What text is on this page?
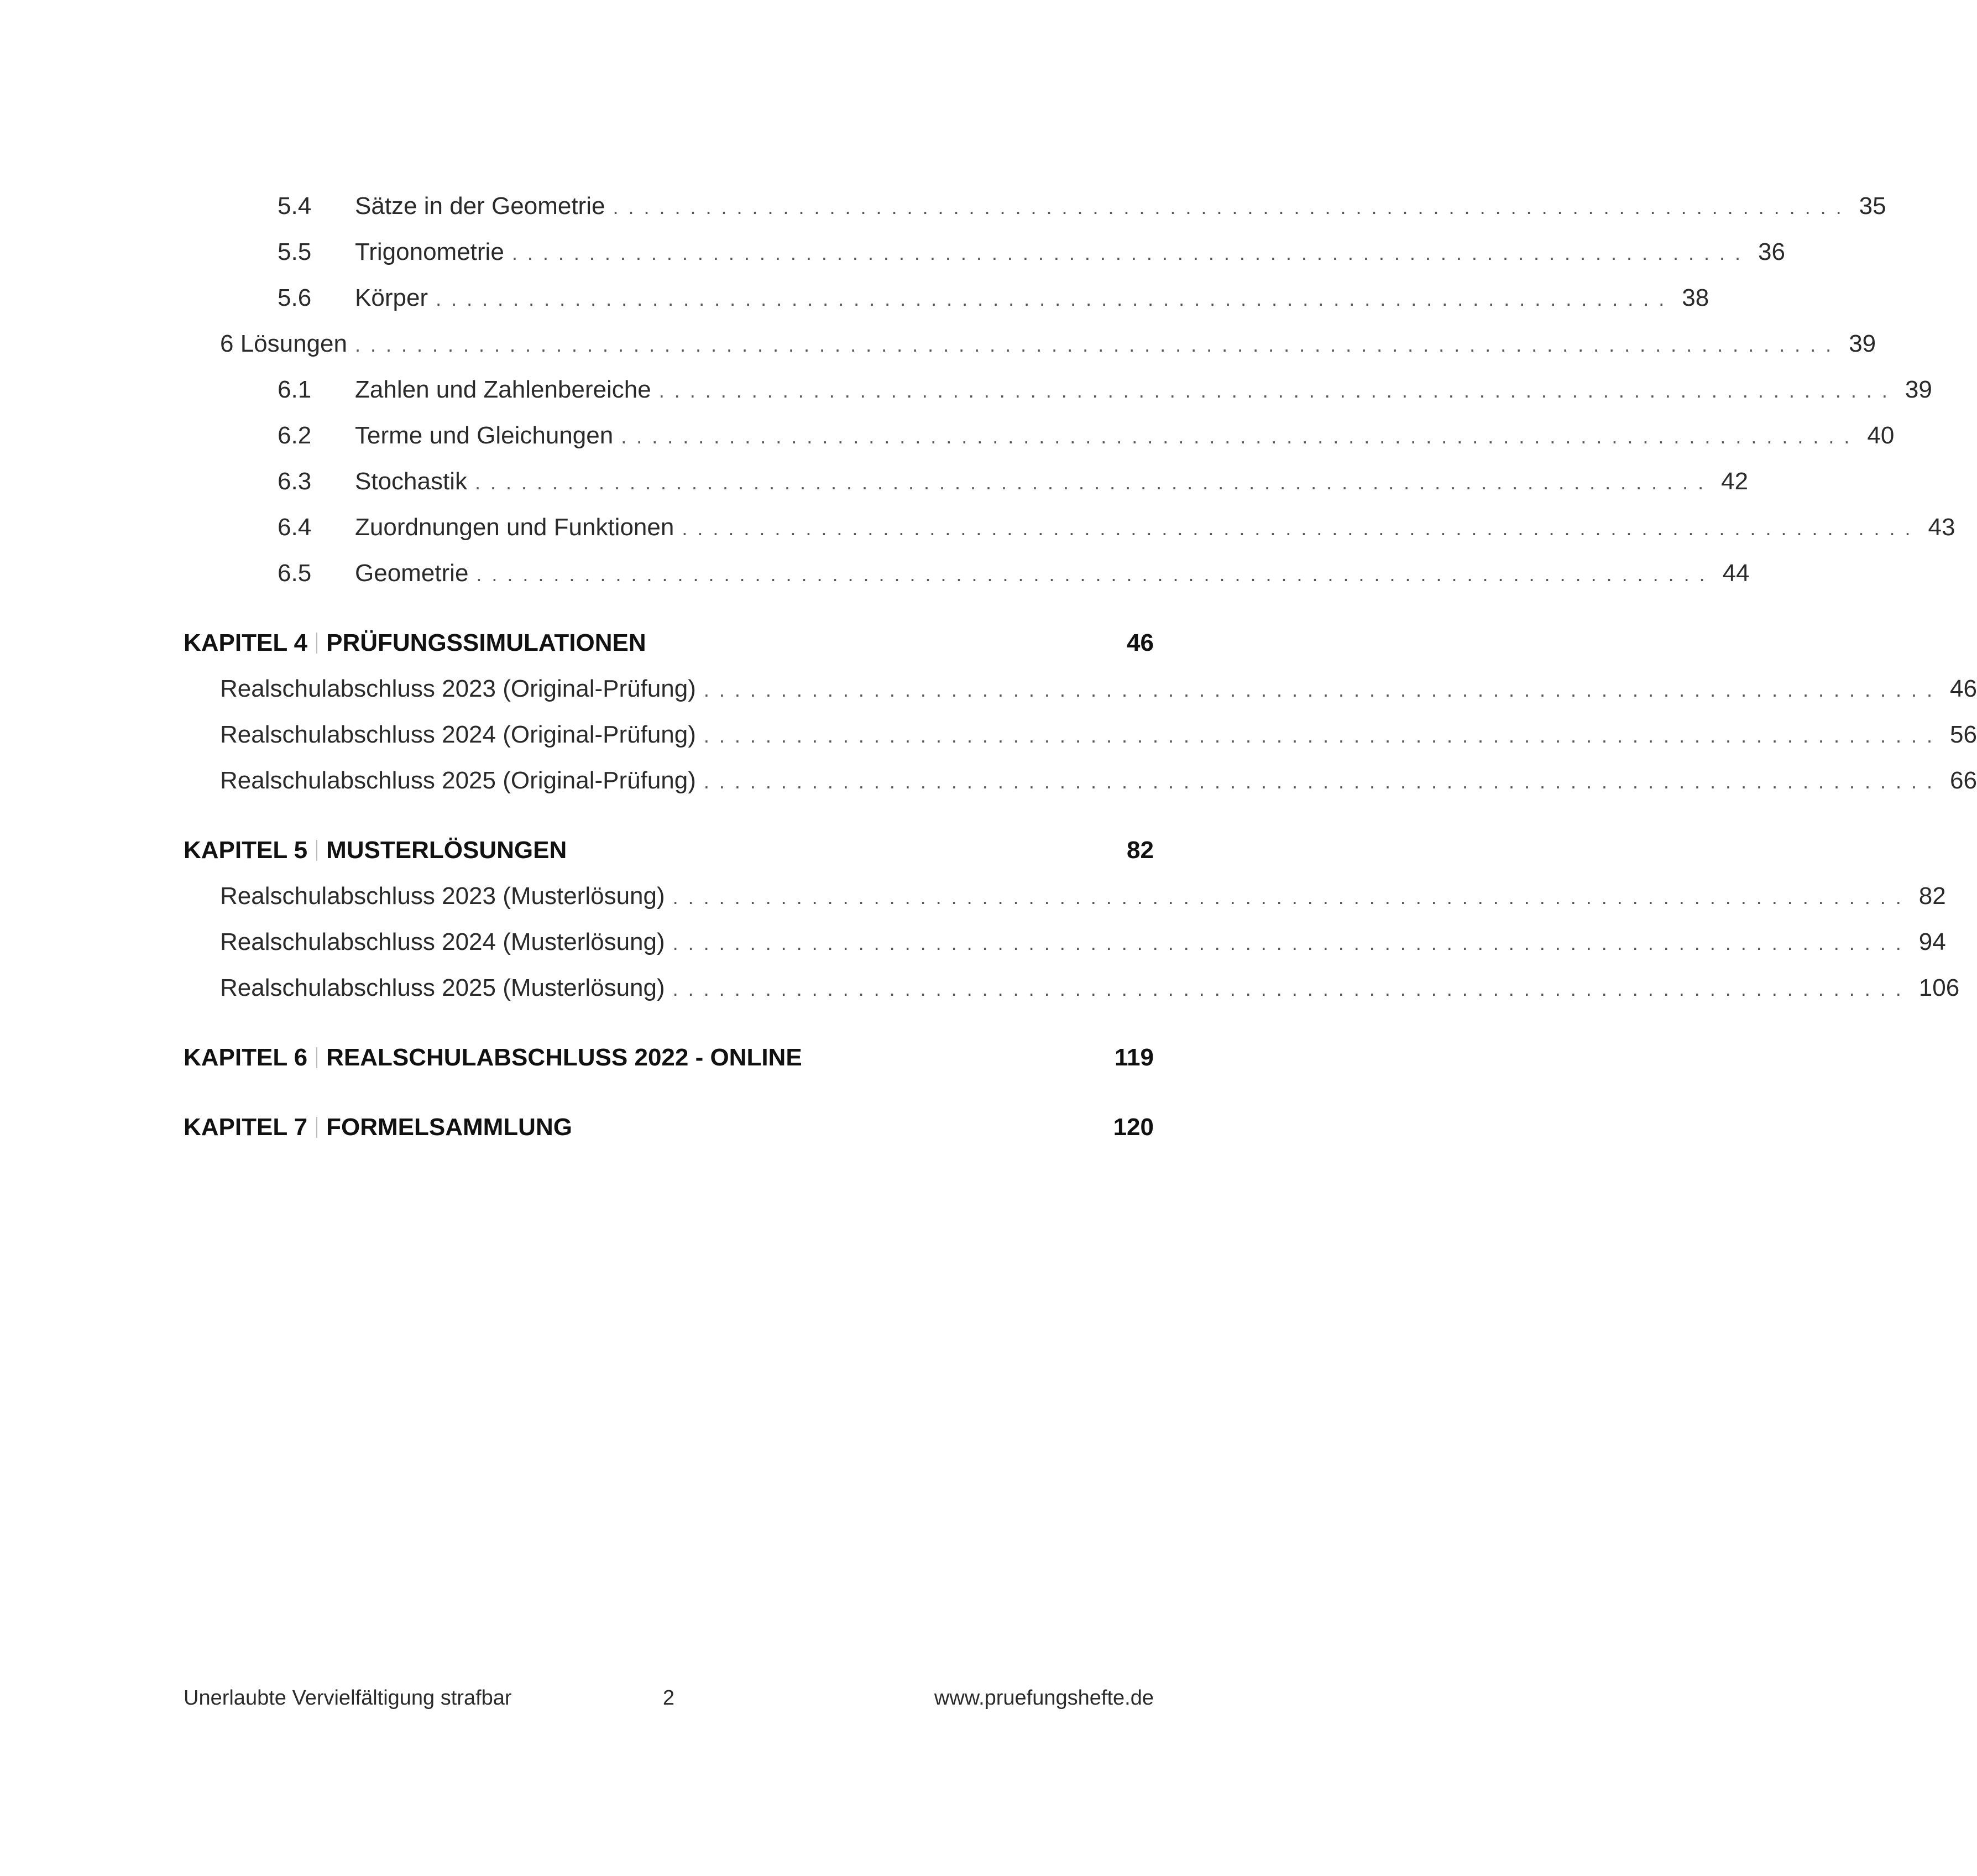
5.4	Sätze in der Geometrie ................................................................................ 35
5.5	Trigonometrie ................................................................................ 36
5.6	Körper ................................................................................ 38
6 Lösungen ................................................................................................ 39
6.1	Zahlen und Zahlenbereiche ................................................................................ 39
6.2	Terme und Gleichungen ................................................................................ 40
6.3	Stochastik ................................................................................ 42
6.4	Zuordnungen und Funktionen ................................................................................ 43
6.5	Geometrie ................................................................................ 44
KAPITEL 4 PRÜFUNGSSIMULATIONEN	46
Realschulabschluss 2023 (Original-Prüfung) ................................................................................ 46
Realschulabschluss 2024 (Original-Prüfung) ................................................................................ 56
Realschulabschluss 2025 (Original-Prüfung) ................................................................................ 66
KAPITEL 5 MUSTERLÖSUNGEN	82
Realschulabschluss 2023 (Musterlösung) ................................................................................ 82
Realschulabschluss 2024 (Musterlösung) ................................................................................ 94
Realschulabschluss 2025 (Musterlösung) ................................................................................ 106
KAPITEL 6 REALSCHULABSCHLUSS 2022 - ONLINE	119
KAPITEL 7 FORMELSAMMLUNG	120
Unerlaubte Vervielfältigung strafbar	2	www.pruefungshefte.de
